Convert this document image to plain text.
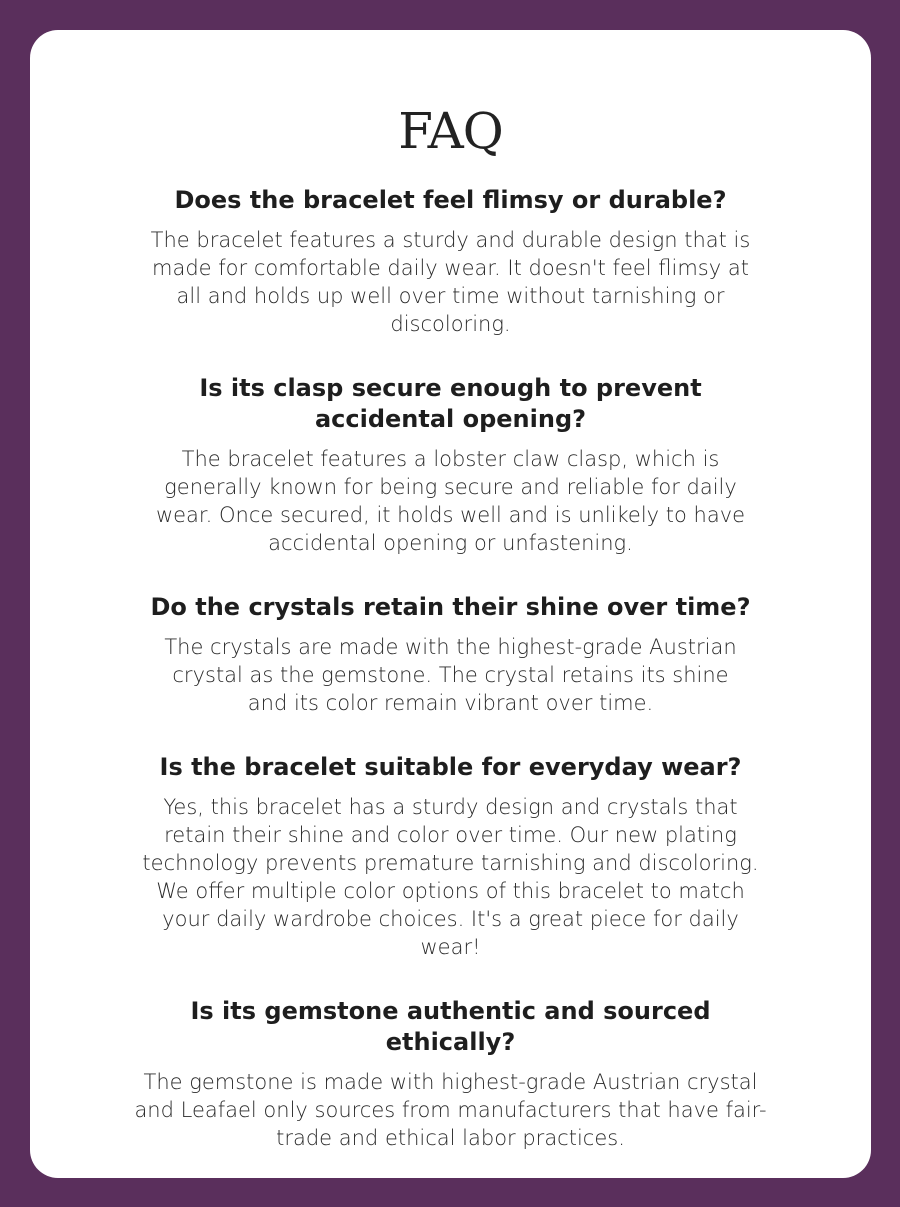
FAQ
Does the bracelet feel flimsy or durable?
The bracelet features a sturdy and durable design that is made for comfortable daily wear. It doesn't feel flimsy at all and holds up well over time without tarnishing or discoloring.
Is its clasp secure enough to prevent accidental opening?
The bracelet features a lobster claw clasp, which is generally known for being secure and reliable for daily wear. Once secured, it holds well and is unlikely to have accidental opening or unfastening.
Do the crystals retain their shine over time?
The crystals are made with the highest-grade Austrian crystal as the gemstone. The crystal retains its shine and its color remain vibrant over time.
Is the bracelet suitable for everyday wear?
Yes, this bracelet has a sturdy design and crystals that retain their shine and color over time. Our new plating technology prevents premature tarnishing and discoloring. We offer multiple color options of this bracelet to match your daily wardrobe choices. It's a great piece for daily wear!
Is its gemstone authentic and sourced ethically?
The gemstone is made with highest-grade Austrian crystal and Leafael only sources from manufacturers that have fair-trade and ethical labor practices.
